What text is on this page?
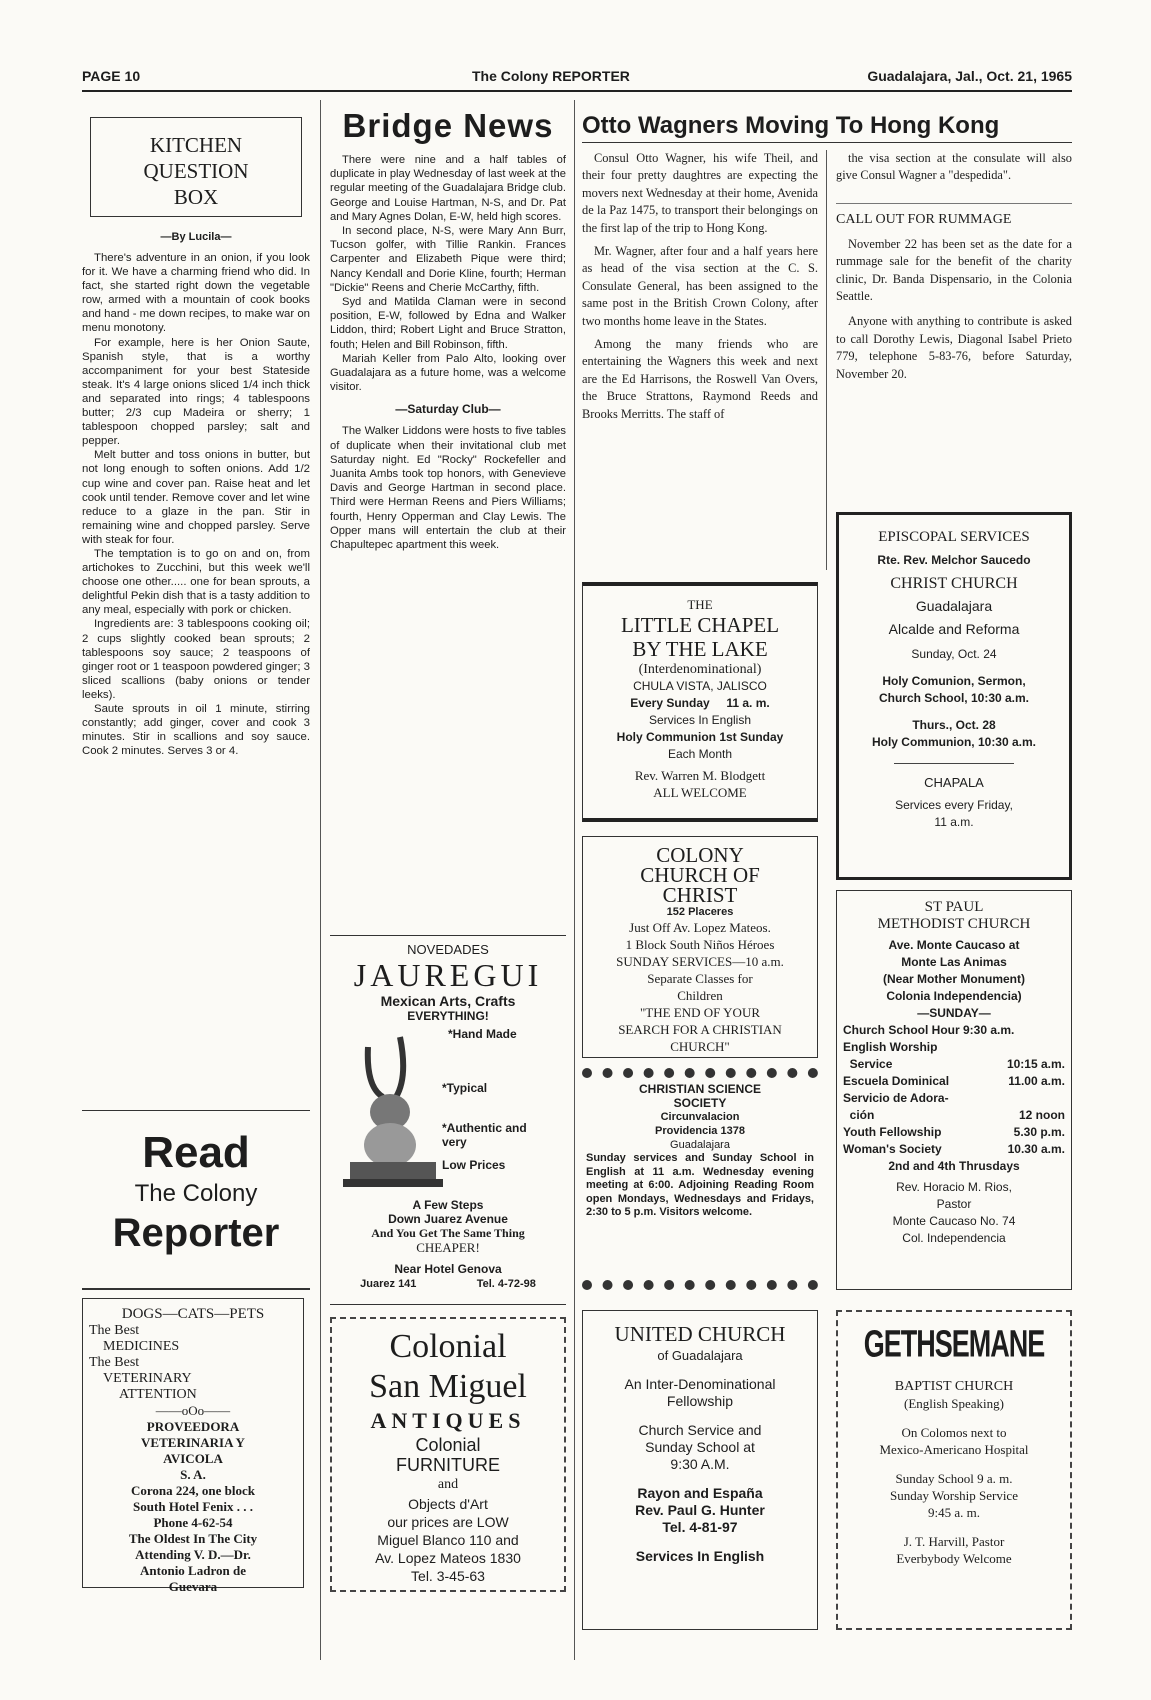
PAGE 10	The Colony REPORTER	Guadalajara, Jal., Oct. 21, 1965
KITCHEN
QUESTION
BOX
—By Lucila—

There's adventure in an onion, if you look for it. We have a charming friend who did. In fact, she started right down the vegetable row, armed with a mountain of cook books and hand - me down recipes, to make war on menu monotony.

For example, here is her Onion Saute, Spanish style, that is a worthy accompaniment for your best Stateside steak. It's 4 large onions sliced 1/4 inch thick and separated into rings; 4 tablespoons butter; 2/3 cup Madeira or sherry; 1 tablespoon chopped parsley; salt and pepper.

Melt butter and toss onions in butter, but not long enough to soften onions. Add 1/2 cup wine and cover pan. Raise heat and let cook until tender. Remove cover and let wine reduce to a glaze in the pan. Stir in remaining wine and chopped parsley. Serve with steak for four.

The temptation is to go on and on, from artichokes to Zucchini, but this week we'll choose one other..... one for bean sprouts, a delightful Pekin dish that is a tasty addition to any meal, especially with pork or chicken.

Ingredients are: 3 tablespoons cooking oil; 2 cups slightly cooked bean sprouts; 2 tablespoons soy sauce; 2 teaspoons of ginger root or 1 teaspoon powdered ginger; 3 sliced scallions (baby onions or tender leeks).

Saute sprouts in oil 1 minute, stirring constantly; add ginger, cover and cook 3 minutes. Stir in scallions and soy sauce. Cook 2 minutes. Serves 3 or 4.

Read
The Colony
Reporter
DOGS—CATS—PETS
The Best
MEDICINES
The Best
VETERINARY
ATTENTION
——oOo——
PROVEEDORA
VETERINARIA Y
AVICOLA
S. A.
Corona 224, one block
South Hotel Fenix . . .
Phone 4-62-54
The Oldest In The City
Attending V. D.—Dr.
Antonio Ladron de
Guevara
Bridge News

There were nine and a half tables of duplicate in play Wednesday of last week at the regular meeting of the Guadalajara Bridge club. George and Louise Hartman, N-S, and Dr. Pat and Mary Agnes Dolan, E-W, held high scores.

In second place, N-S, were Mary Ann Burr, Tucson golfer, with Tillie Rankin. Frances Carpenter and Elizabeth Pique were third; Nancy Kendall and Dorie Kline, fourth; Herman "Dickie" Reens and Cherie McCarthy, fifth.

Syd and Matilda Claman were in second position, E-W, followed by Edna and Walker Liddon, third; Robert Light and Bruce Stratton, fouth; Helen and Bill Robinson, fifth.

Mariah Keller from Palo Alto, looking over Guadalajara as a future home, was a welcome visitor.

—Saturday Club—

The Walker Liddons were hosts to five tables of duplicate when their invitational club met Saturday night. Ed "Rocky" Rockefeller and Juanita Ambs took top honors, with Genevieve Davis and George Hartman in second place. Third were Herman Reens and Piers Williams; fourth, Henry Opperman and Clay Lewis. The Opper mans will entertain the club at their Chapultepec apartment this week.

NOVEDADES
JAUREGUI
Mexican Arts, Crafts
EVERYTHING!
*Hand Made
*Typical
*Authentic and very
Low Prices
A Few Steps
Down Juarez Avenue
And You Get The Same Thing
CHEAPER!
Near Hotel Genova
Juarez 141	Tel. 4-72-98
Colonial
San Miguel
ANTIQUES
Colonial
FURNITURE
and
Objects d'Art
our prices are LOW
Miguel Blanco 110 and
Av. Lopez Mateos 1830
Tel. 3-45-63
Otto Wagners Moving To Hong Kong

Consul Otto Wagner, his wife Theil, and their four pretty daughtres are expecting the movers next Wednesday at their home, Avenida de la Paz 1475, to transport their belongings on the first lap of the trip to Hong Kong.

Mr. Wagner, after four and a half years here as head of the visa section at the C. S. Consulate General, has been assigned to the same post in the British Crown Colony, after two months home leave in the States.

Among the many friends who are entertaining the Wagners this week and next are the Ed Harrisons, the Roswell Van Overs, the Bruce Strattons, Raymond Reeds and Brooks Merritts. The staff of

THE
LITTLE CHAPEL
BY THE LAKE
(Interdenominational)
CHULA VISTA, JALISCO
Every Sunday     11 a. m.
Services In English
Holy Communion 1st Sunday
Each Month
Rev. Warren M. Blodgett
ALL WELCOME
COLONY
CHURCH OF
CHRIST
152 Placeres
Just Off Av. Lopez Mateos.
1 Block South Niños Héroes
SUNDAY SERVICES—10 a.m.
Separate Classes for
Children
"THE END OF YOUR
SEARCH FOR A CHRISTIAN
CHURCH"
CHRISTIAN SCIENCE
SOCIETY
Circunvalacion
Providencia 1378
Guadalajara

Sunday services and Sunday School in English at 11 a.m. Wednesday evening meeting at 6:00. Adjoining Reading Room open Mondays, Wednesdays and Fridays, 2:30 to 5 p.m. Visitors welcome.

UNITED CHURCH
of Guadalajara
An Inter-Denominational
Fellowship
Church Service and
Sunday School at
9:30 A.M.
Rayon and España
Rev. Paul G. Hunter
Tel. 4-81-97
Services In English

the visa section at the consulate will also give Consul Wagner a "despedida".

CALL OUT FOR RUMMAGE

November 22 has been set as the date for a rummage sale for the benefit of the charity clinic, Dr. Banda Dispensario, in the Colonia Seattle.

Anyone with anything to contribute is asked to call Dorothy Lewis, Diagonal Isabel Prieto 779, telephone 5-83-76, before Saturday, November 20.

EPISCOPAL SERVICES
Rte. Rev. Melchor Saucedo
CHRIST CHURCH
Guadalajara
Alcalde and Reforma
Sunday, Oct. 24
Holy Comunion, Sermon,
Church School, 10:30 a.m.
Thurs., Oct. 28
Holy Communion, 10:30 a.m.
CHAPALA
Services every Friday,
11 a.m.
ST PAUL
METHODIST CHURCH
Ave. Monte Caucaso at
Monte Las Animas
(Near Mother Monument)
Colonia Independencia)
—SUNDAY—
Church School Hour 9:30 a.m.
English Worship
Service	10:15 a.m.
Escuela Dominical	11.00 a.m.
Servicio de Adora-
ción	12 noon
Youth Fellowship	5.30 p.m.
Woman's Society	10.30 a.m.
2nd and 4th Thrusdays
Rev. Horacio M. Rios,
Pastor
Monte Caucaso No. 74
Col. Independencia
GETHSEMANE
BAPTIST CHURCH
(English Speaking)
On Colomos next to
Mexico-Americano Hospital
Sunday School 9 a. m.
Sunday Worship Service
9:45 a. m.
J. T. Harvill, Pastor
Everbybody Welcome
